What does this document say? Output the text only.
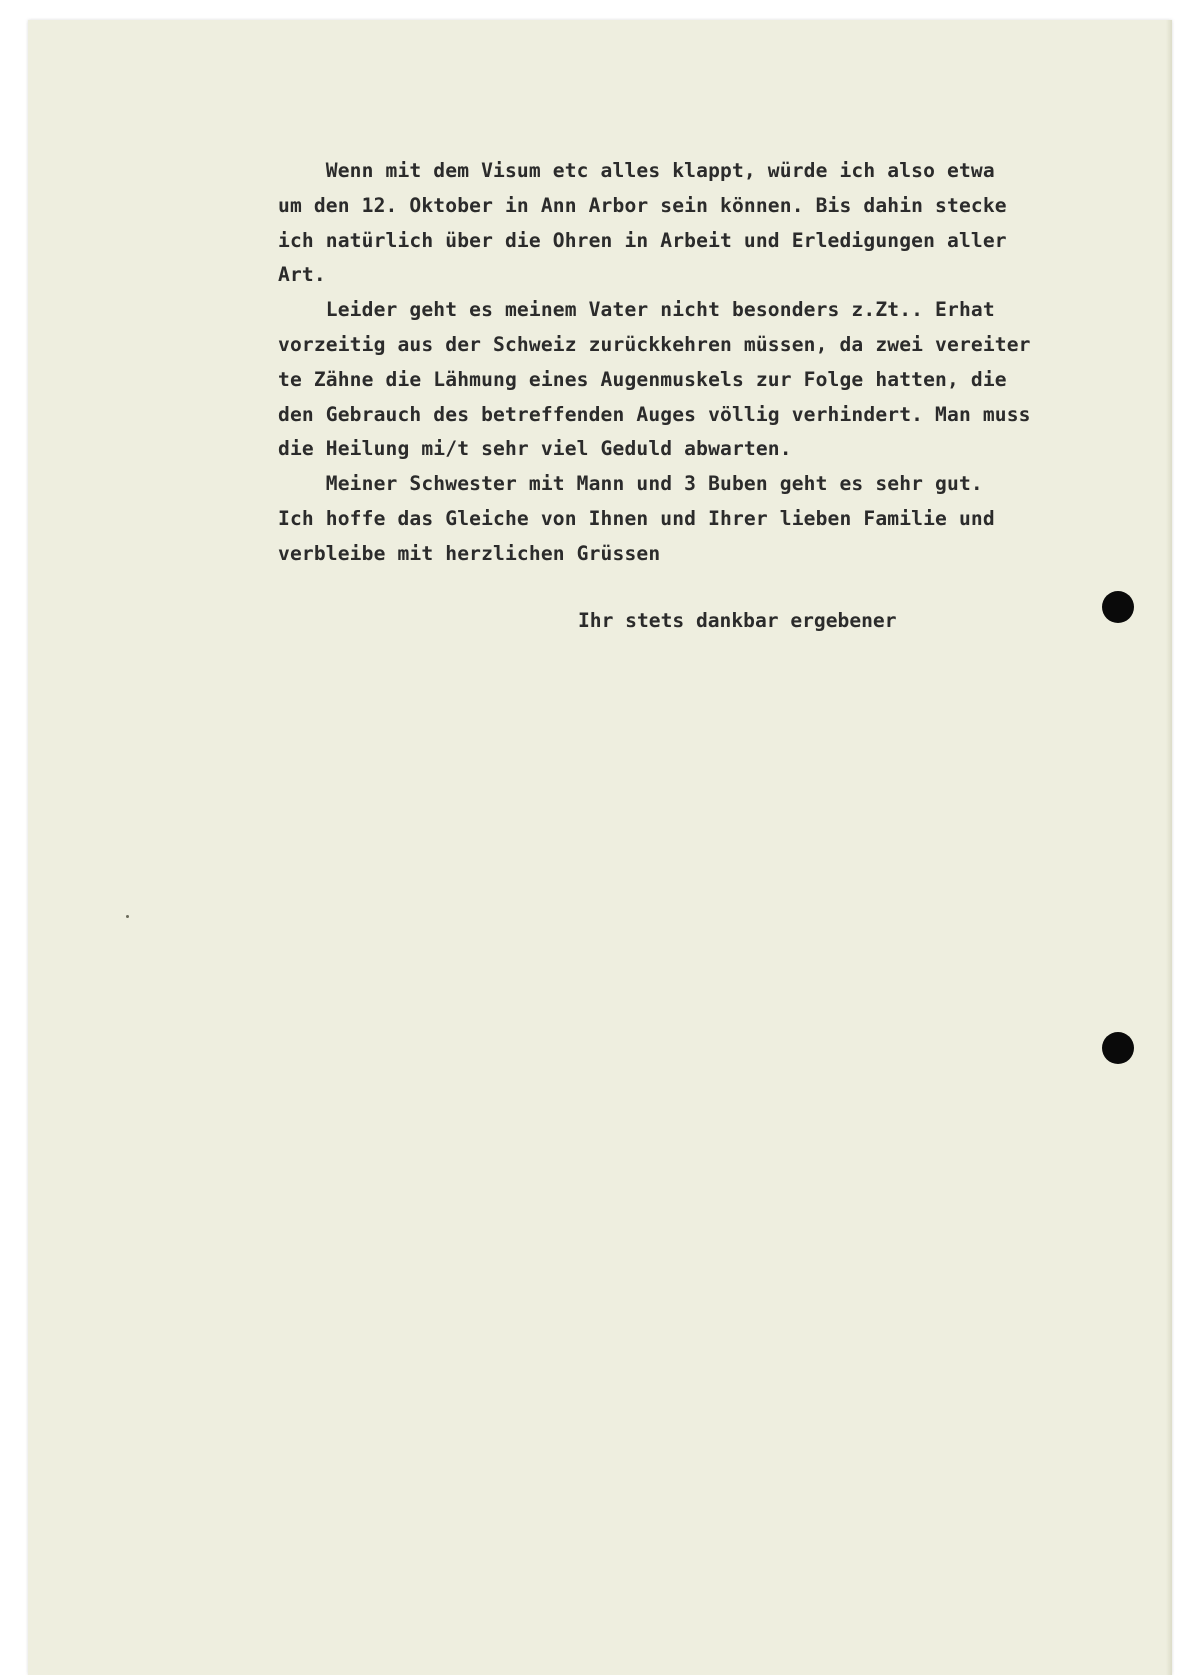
Wenn mit dem Visum etc alles klappt, würde ich also etwa
um den 12. Oktober in Ann Arbor sein können. Bis dahin stecke
ich natürlich über die Ohren in Arbeit und Erledigungen aller
Art.
Leider geht es meinem Vater nicht besonders z.Zt.. Erhat
vorzeitig aus der Schweiz zurückkehren müssen, da zwei vereiter
te Zähne die Lähmung eines Augenmuskels zur Folge hatten, die
den Gebrauch des betreffenden Auges völlig verhindert. Man muss
die Heilung mi/t sehr viel Geduld abwarten.
Meiner Schwester mit Mann und 3 Buben geht es sehr gut.
Ich hoffe das Gleiche von Ihnen und Ihrer lieben Familie und
verbleibe mit herzlichen Grüssen
Ihr stets dankbar ergebener
